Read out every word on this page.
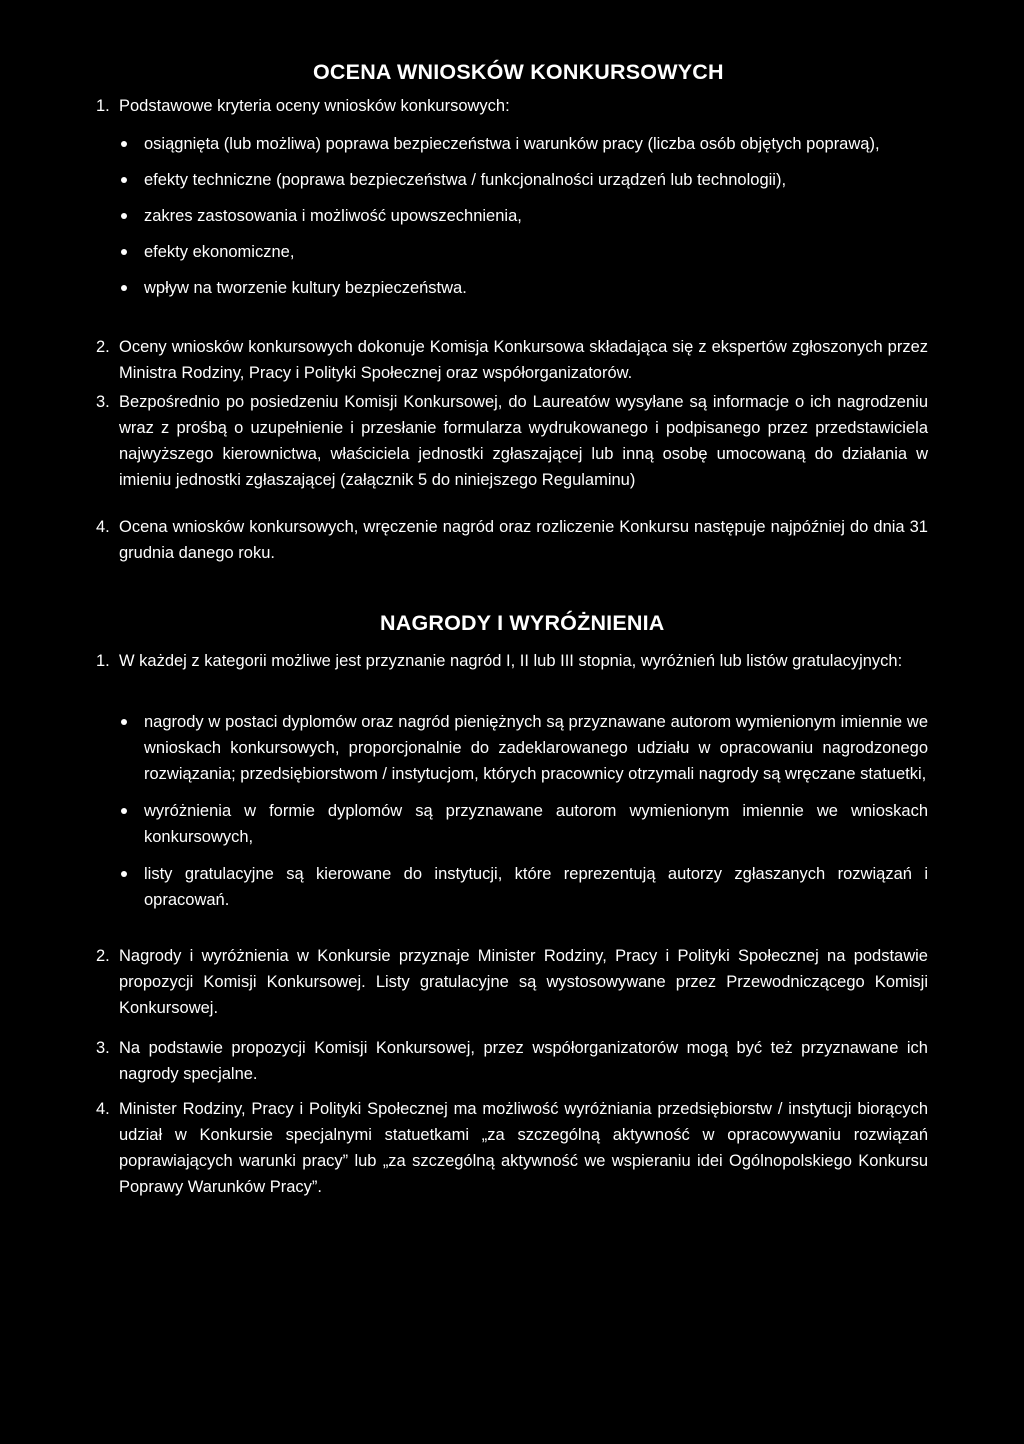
OCENA WNIOSKÓW KONKURSOWYCH
1. Podstawowe kryteria oceny wniosków konkursowych:
osiągnięta (lub możliwa) poprawa bezpieczeństwa i warunków pracy (liczba osób objętych poprawą),
efekty techniczne (poprawa bezpieczeństwa / funkcjonalności urządzeń lub technologii),
zakres zastosowania i możliwość upowszechnienia,
efekty ekonomiczne,
wpływ na tworzenie kultury bezpieczeństwa.
2. Oceny wniosków konkursowych dokonuje Komisja Konkursowa składająca się z ekspertów zgłoszonych przez Ministra Rodziny, Pracy i Polityki Społecznej oraz współorganizatorów.
3. Bezpośrednio po posiedzeniu Komisji Konkursowej, do Laureatów wysyłane są informacje o ich nagrodzeniu wraz z prośbą o uzupełnienie i przesłanie formularza wydrukowanego i podpisanego przez przedstawiciela najwyższego kierownictwa, właściciela jednostki zgłaszającej lub inną osobę umocowaną do działania w imieniu jednostki zgłaszającej (załącznik 5 do niniejszego Regulaminu)
4. Ocena wniosków konkursowych, wręczenie nagród oraz rozliczenie Konkursu następuje najpóźniej do dnia 31 grudnia danego roku.
NAGRODY I WYRÓŻNIENIA
1. W każdej z kategorii możliwe jest przyznanie nagród I, II lub III stopnia, wyróżnień lub listów gratulacyjnych:
nagrody w postaci dyplomów oraz nagród pieniężnych są przyznawane autorom wymienionym imiennie we wnioskach konkursowych, proporcjonalnie do zadeklarowanego udziału w opracowaniu nagrodzonego rozwiązania; przedsiębiorstwom / instytucjom, których pracownicy otrzymali nagrody są wręczane statuetki,
wyróżnienia w formie dyplomów są przyznawane autorom wymienionym imiennie we wnioskach konkursowych,
listy gratulacyjne są kierowane do instytucji, które reprezentują autorzy zgłaszanych rozwiązań i opracowań.
2. Nagrody i wyróżnienia w Konkursie przyznaje Minister Rodziny, Pracy i Polityki Społecznej na podstawie propozycji Komisji Konkursowej. Listy gratulacyjne są wystosowywane przez Przewodniczącego Komisji Konkursowej.
3. Na podstawie propozycji Komisji Konkursowej, przez współorganizatorów mogą być też przyznawane ich nagrody specjalne.
4. Minister Rodziny, Pracy i Polityki Społecznej ma możliwość wyróżniania przedsiębiorstw / instytucji biorących udział w Konkursie specjalnymi statuetkami „za szczególną aktywność w opracowywaniu rozwiązań poprawiających warunki pracy” lub „za szczególną aktywność we wspieraniu idei Ogólnopolskiego Konkursu Poprawy Warunków Pracy”.
